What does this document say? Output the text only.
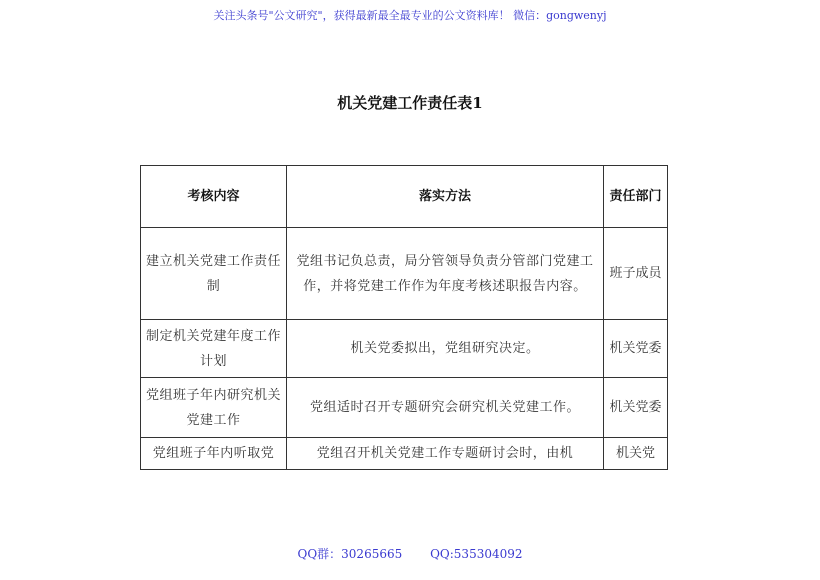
关注头条号"公文研究"，获得最新最全最专业的公文资料库！ 微信：gongwenyj
机关党建工作责任表1
考核内容	落实方法	责任部门
建立机关党建工作责任制	党组书记负总责，局分管领导负责分管部门党建工作，并将党建工作作为年度考核述职报告内容。	班子成员
制定机关党建年度工作计划	机关党委拟出，党组研究决定。	机关党委
党组班子年内研究机关党建工作	党组适时召开专题研究会研究机关党建工作。	机关党委
党组班子年内听取党	党组召开机关党建工作专题研讨会时，由机	机关党
QQ群：30265665 QQ:535304092
